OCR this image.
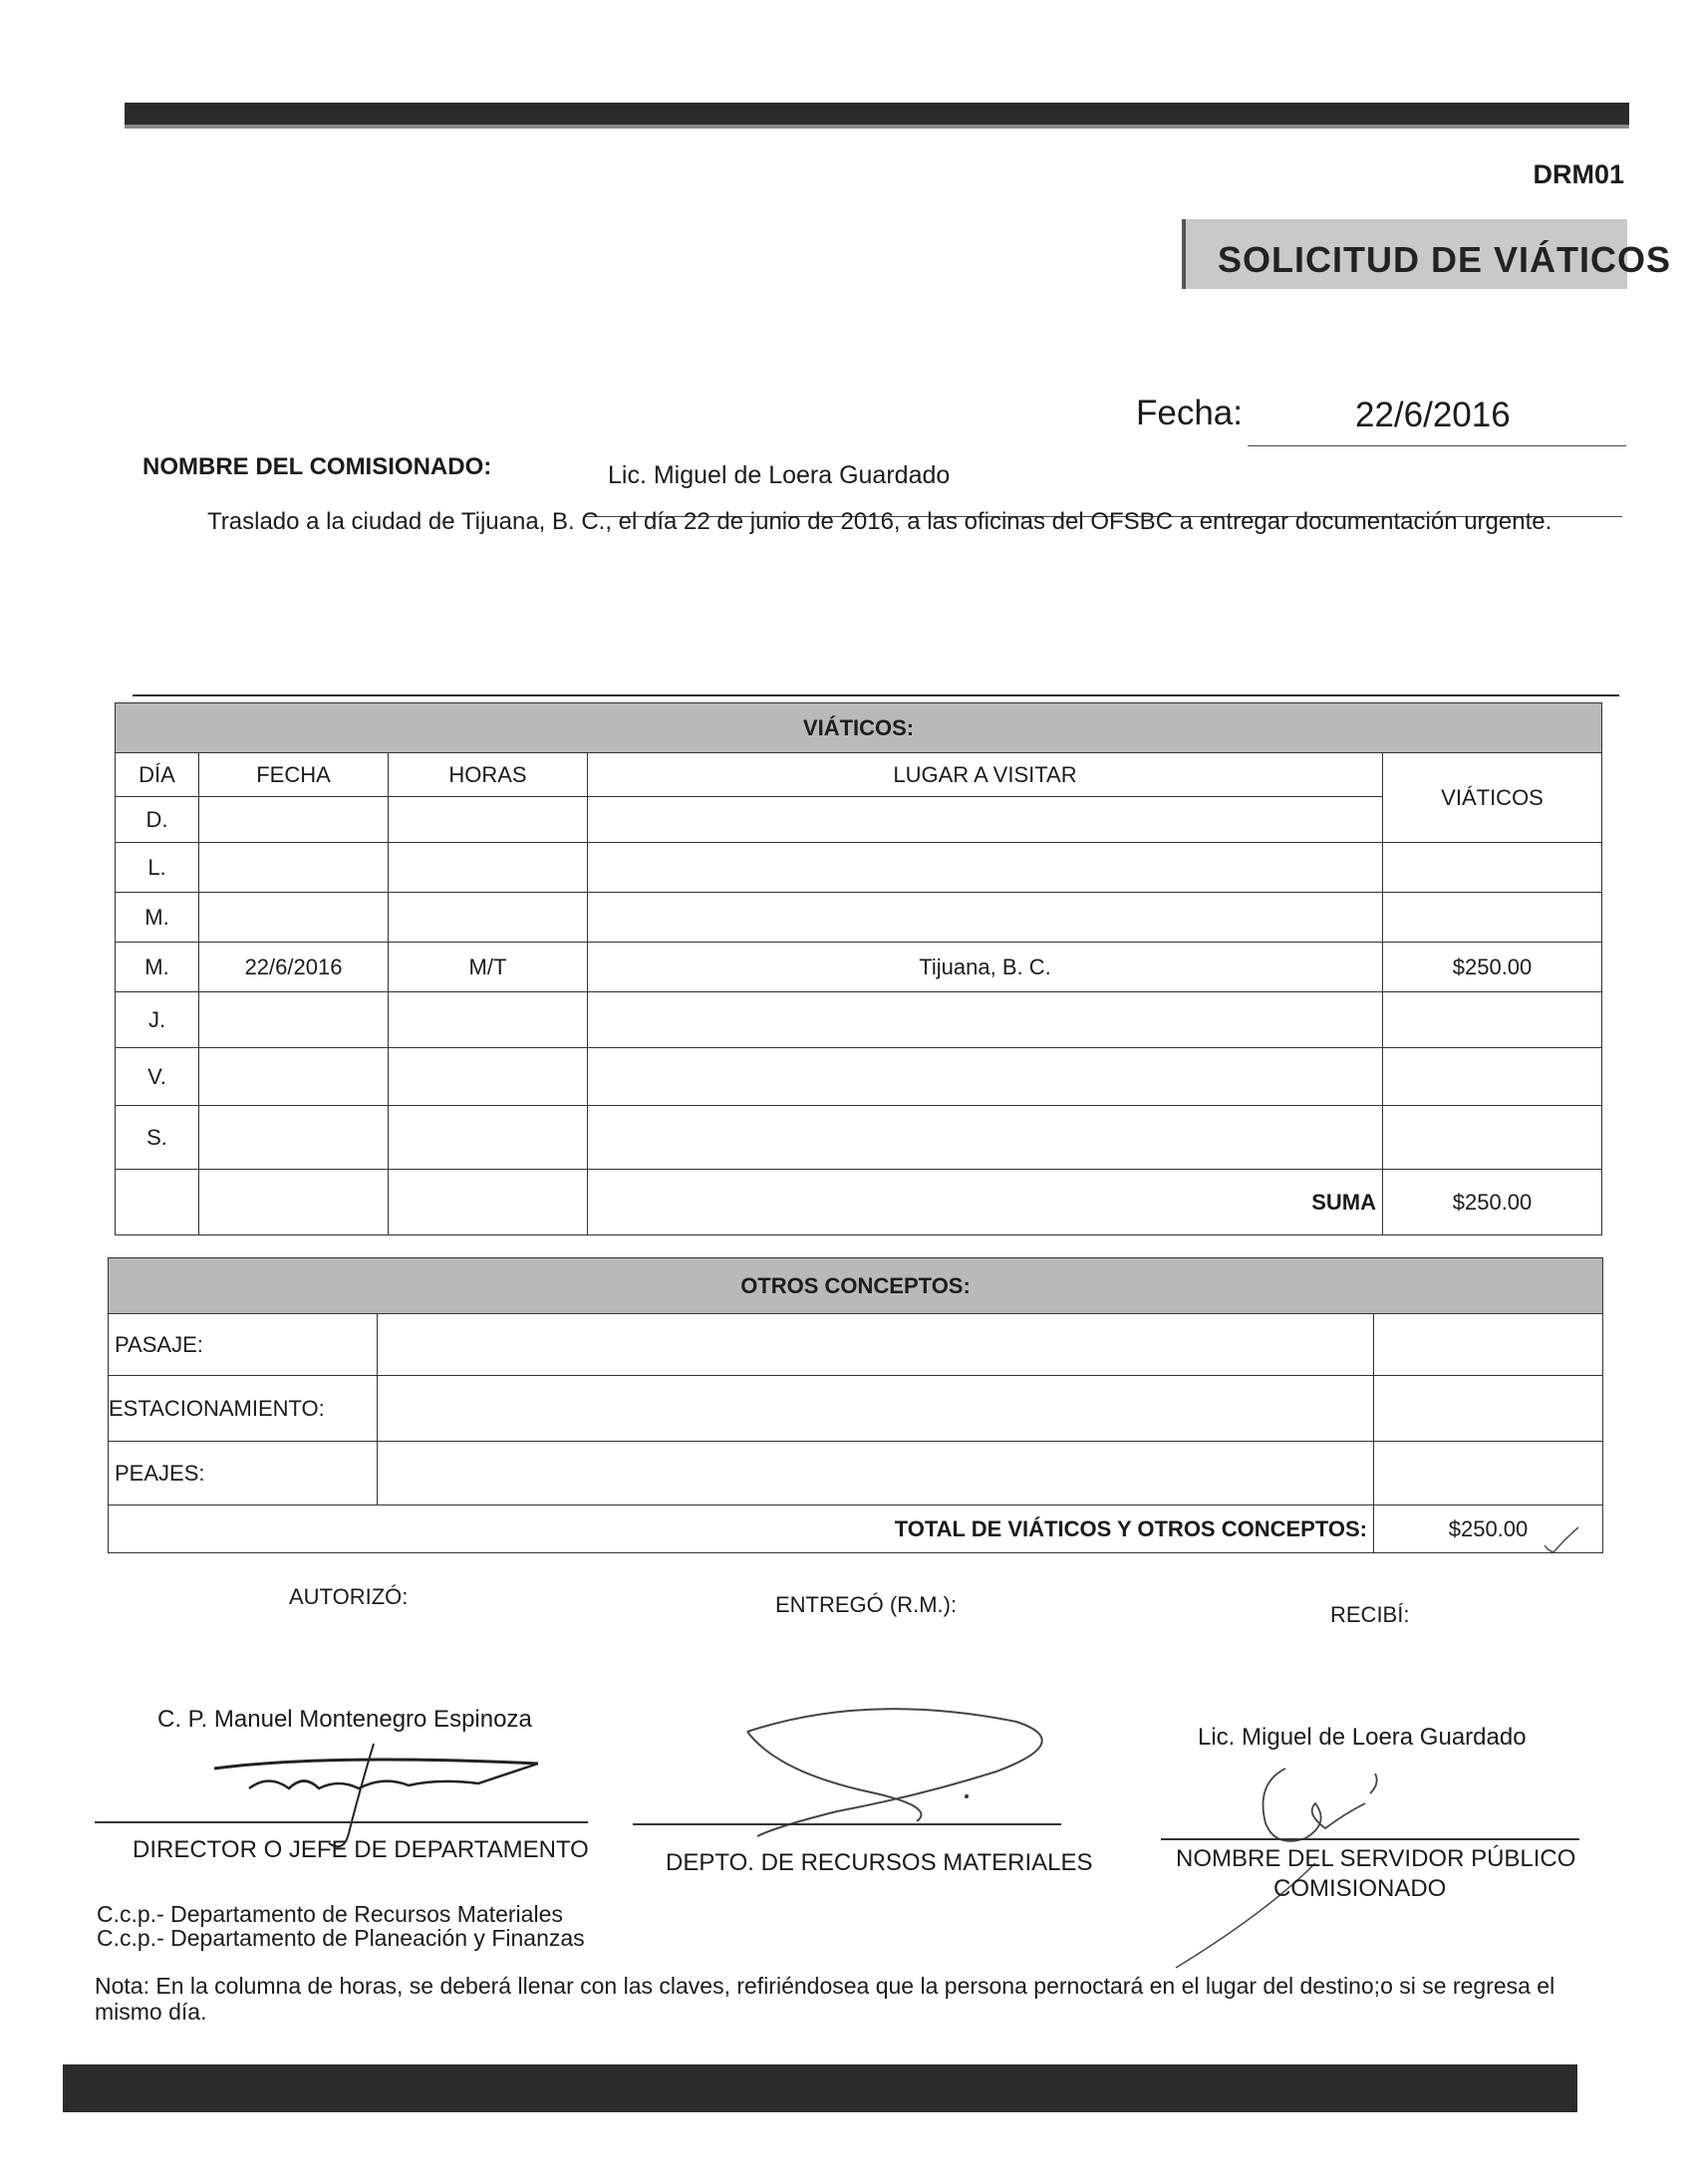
DRM01
SOLICITUD DE VIÁTICOS
Fecha:	22/6/2016
NOMBRE DEL COMISIONADO:	Lic. Miguel de Loera Guardado
Traslado a la ciudad de Tijuana, B. C., el día 22 de junio de 2016, a las oficinas del OFSBC a entregar documentación urgente.
VIÁTICOS:				
DÍA	FECHA	HORAS	LUGAR A VISITAR	VIÁTICOS
D.				
L.				
M.				
M.	22/6/2016	M/T	Tijuana, B. C.	$250.00
J.				
V.				
S.				
			SUMA	$250.00
OTROS CONCEPTOS:		
PASAJE:		
ESTACIONAMIENTO:		
PEAJES:		
TOTAL DE VIÁTICOS Y OTROS CONCEPTOS:		$250.00
AUTORIZÓ:	ENTREGÓ (R.M.):	RECIBÍ:
C. P. Manuel Montenegro Espinoza
Lic. Miguel de Loera Guardado
DIRECTOR O JEFE DE DEPARTAMENTO	DEPTO. DE RECURSOS MATERIALES	NOMBRE DEL SERVIDOR PÚBLICO
COMISIONADO
C.c.p.- Departamento de Recursos Materiales
C.c.p.- Departamento de Planeación y Finanzas
Nota: En la columna de horas, se deberá llenar con las claves, refiriéndosea que la persona pernoctará en el lugar del destino;o si se regresa el mismo día.
